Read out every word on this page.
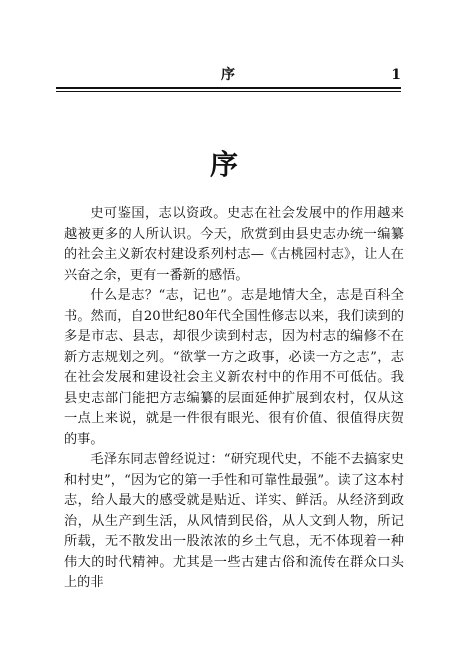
序	1
序

史可鉴国，志以资政。史志在社会发展中的作用越来越被更多的人所认识。今天，欣赏到由县史志办统一编纂的社会主义新农村建设系列村志—《古桃园村志》，让人在兴奋之余，更有一番新的感悟。

什么是志？“志，记也”。志是地情大全，志是百科全书。然而，自20世纪80年代全国性修志以来，我们读到的多是市志、县志，却很少读到村志，因为村志的编修不在新方志规划之列。“欲掌一方之政事，必读一方之志”，志在社会发展和建设社会主义新农村中的作用不可低估。我县史志部门能把方志编纂的层面延伸扩展到农村，仅从这一点上来说，就是一件很有眼光、很有价值、很值得庆贺的事。

毛泽东同志曾经说过：“研究现代史，不能不去搞家史和村史”，“因为它的第一手性和可靠性最强”。读了这本村志，给人最大的感受就是贴近、详实、鲜活。从经济到政治，从生产到生活，从风情到民俗，从人文到人物，所记所载，无不散发出一股浓浓的乡土气息，无不体现着一种伟大的时代精神。尤其是一些古建古俗和流传在群众口头上的非
